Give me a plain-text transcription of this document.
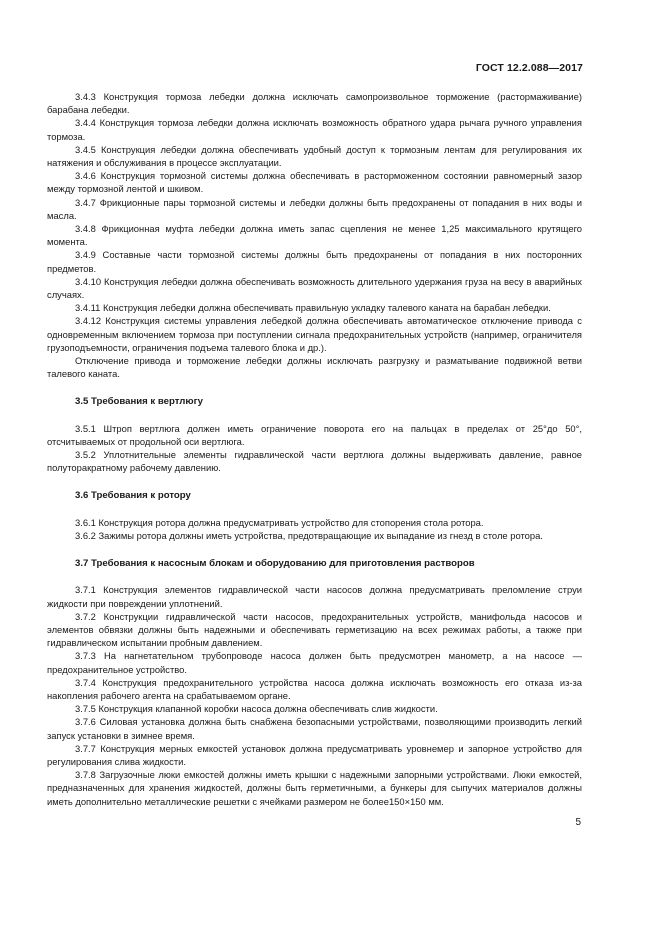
ГОСТ 12.2.088—2017

3.4.3 Конструкция тормоза лебедки должна исключать самопроизвольное торможение (растормаживание) барабана лебедки.

3.4.4 Конструкция тормоза лебедки должна исключать возможность обратного удара рычага ручного управления тормоза.

3.4.5 Конструкция лебедки должна обеспечивать удобный доступ к тормозным лентам для регулирования их натяжения и обслуживания в процессе эксплуатации.

3.4.6 Конструкция тормозной системы должна обеспечивать в расторможенном состоянии равномерный зазор между тормозной лентой и шкивом.

3.4.7 Фрикционные пары тормозной системы и лебедки должны быть предохранены от попадания в них воды и масла.

3.4.8 Фрикционная муфта лебедки должна иметь запас сцепления не менее 1,25 максимального крутящего момента.

3.4.9 Составные части тормозной системы должны быть предохранены от попадания в них посторонних предметов.

3.4.10 Конструкция лебедки должна обеспечивать возможность длительного удержания груза на весу в аварийных случаях.

3.4.11 Конструкция лебедки должна обеспечивать правильную укладку талевого каната на барабан лебедки.

3.4.12 Конструкция системы управления лебедкой должна обеспечивать автоматическое отключение привода с одновременным включением тормоза при поступлении сигнала предохранительных устройств (например, ограничителя грузоподъемности, ограничения подъема талевого блока и др.).

Отключение привода и торможение лебедки должны исключать разгрузку и разматывание подвижной ветви талевого каната.

3.5 Требования к вертлюгу

3.5.1 Штроп вертлюга должен иметь ограничение поворота его на пальцах в пределах от 25°до 50°, отсчитываемых от продольной оси вертлюга.

3.5.2 Уплотнительные элементы гидравлической части вертлюга должны выдерживать давление, равное полуторакратному рабочему давлению.

3.6 Требования к ротору

3.6.1 Конструкция ротора должна предусматривать устройство для стопорения стола ротора.

3.6.2 Зажимы ротора должны иметь устройства, предотвращающие их выпадание из гнезд в столе ротора.

3.7 Требования к насосным блокам и оборудованию для приготовления растворов

3.7.1 Конструкция элементов гидравлической части насосов должна предусматривать преломление струи жидкости при повреждении уплотнений.

3.7.2 Конструкции гидравлической части насосов, предохранительных устройств, манифольда насосов и элементов обвязки должны быть надежными и обеспечивать герметизацию на всех режимах работы, а также при гидравлическом испытании пробным давлением.

3.7.3 На нагнетательном трубопроводе насоса должен быть предусмотрен манометр, а на насосе — предохранительное устройство.

3.7.4 Конструкция предохранительного устройства насоса должна исключать возможность его отказа из-за накопления рабочего агента на срабатываемом органе.

3.7.5 Конструкция клапанной коробки насоса должна обеспечивать слив жидкости.

3.7.6 Силовая установка должна быть снабжена безопасными устройствами, позволяющими производить легкий запуск установки в зимнее время.

3.7.7 Конструкция мерных емкостей установок должна предусматривать уровнемер и запорное устройство для регулирования слива жидкости.

3.7.8 Загрузочные люки емкостей должны иметь крышки с надежными запорными устройствами. Люки емкостей, предназначенных для хранения жидкостей, должны быть герметичными, а бункеры для сыпучих материалов должны иметь дополнительно металлические решетки с ячейками размером не более150×150 мм.

5
